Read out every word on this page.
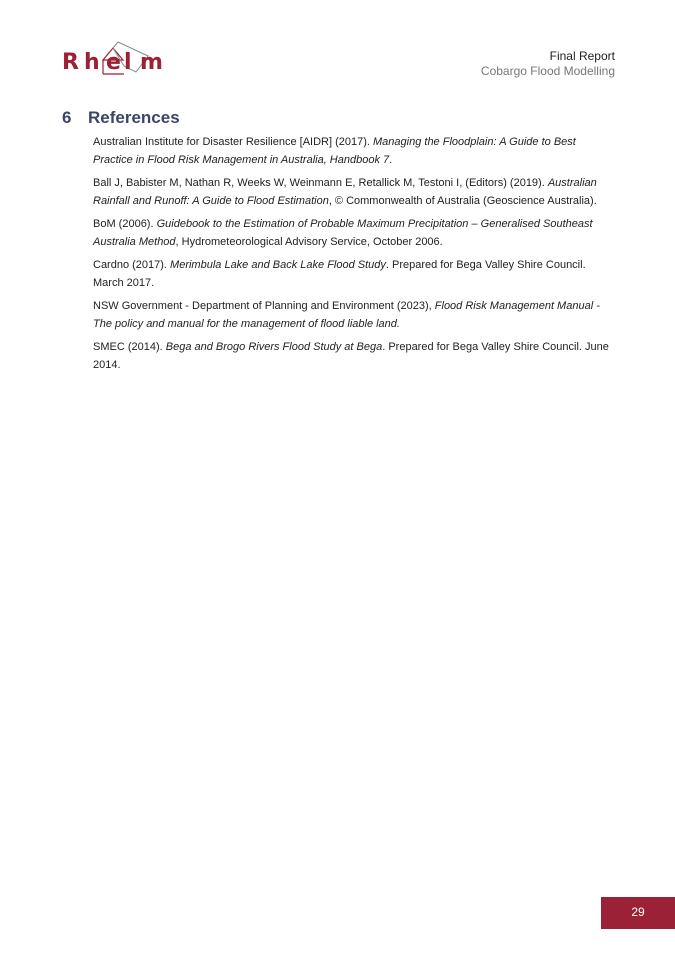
R h e l m	Final Report
Cobargo Flood Modelling
6 References

Australian Institute for Disaster Resilience [AIDR] (2017). Managing the Floodplain: A Guide to Best Practice in Flood Risk Management in Australia, Handbook 7.

Ball J, Babister M, Nathan R, Weeks W, Weinmann E, Retallick M, Testoni I, (Editors) (2019). Australian Rainfall and Runoff: A Guide to Flood Estimation, © Commonwealth of Australia (Geoscience Australia).

BoM (2006). Guidebook to the Estimation of Probable Maximum Precipitation – Generalised Southeast Australia Method, Hydrometeorological Advisory Service, October 2006.

Cardno (2017). Merimbula Lake and Back Lake Flood Study. Prepared for Bega Valley Shire Council. March 2017.

NSW Government - Department of Planning and Environment (2023), Flood Risk Management Manual - The policy and manual for the management of flood liable land.

SMEC (2014). Bega and Brogo Rivers Flood Study at Bega. Prepared for Bega Valley Shire Council. June 2014.

29
